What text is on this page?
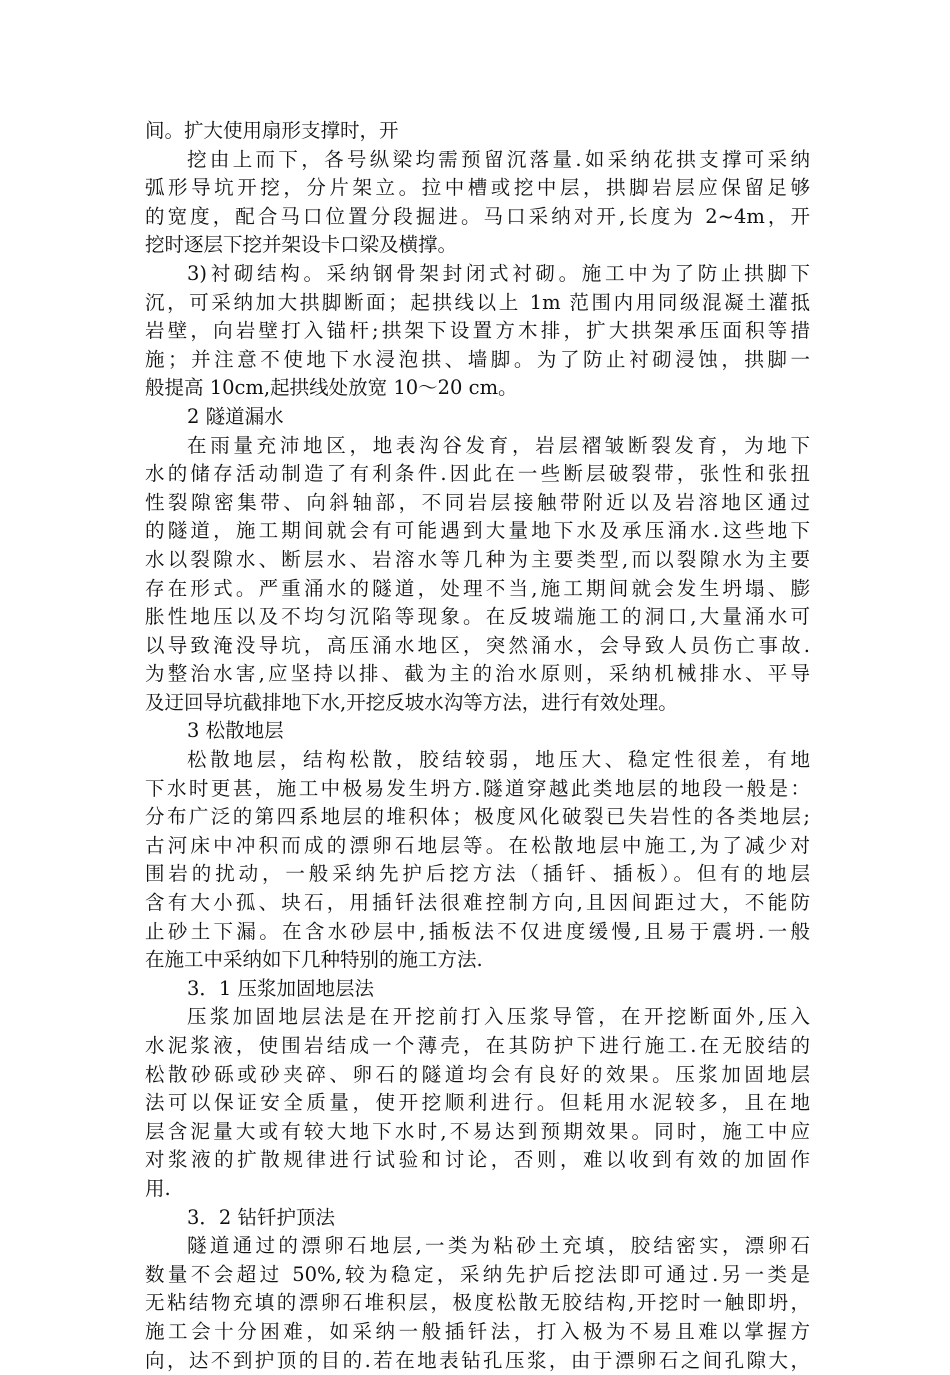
间。扩大使用扇形支撑时，开
挖由上而下，各号纵梁均需预留沉落量.如采纳花拱支撑可采纳
弧形导坑开挖，分片架立。拉中槽或挖中层，拱脚岩层应保留足够
的宽度，配合马口位置分段掘进。马口采纳对开,长度为 2~4m，开
挖时逐层下挖并架设卡口梁及横撑。
3)衬砌结构。采纳钢骨架封闭式衬砌。施工中为了防止拱脚下
沉，可采纳加大拱脚断面；起拱线以上 1m 范围内用同级混凝土灌抵
岩壁，向岩壁打入锚杆;拱架下设置方木排，扩大拱架承压面积等措
施；并注意不使地下水浸泡拱、墙脚。为了防止衬砌浸蚀，拱脚一
般提高 10cm,起拱线处放宽 10～20 cm。
2 隧道漏水
在雨量充沛地区，地表沟谷发育，岩层褶皱断裂发育，为地下
水的储存活动制造了有利条件.因此在一些断层破裂带，张性和张扭
性裂隙密集带、向斜轴部，不同岩层接触带附近以及岩溶地区通过
的隧道，施工期间就会有可能遇到大量地下水及承压涌水.这些地下
水以裂隙水、断层水、岩溶水等几种为主要类型,而以裂隙水为主要
存在形式。严重涌水的隧道，处理不当,施工期间就会发生坍塌、膨
胀性地压以及不均匀沉陷等现象。在反坡端施工的洞口,大量涌水可
以导致淹没导坑，高压涌水地区，突然涌水，会导致人员伤亡事故.
为整治水害,应坚持以排、截为主的治水原则，采纳机械排水、平导
及迂回导坑截排地下水,开挖反坡水沟等方法，进行有效处理。
3 松散地层
松散地层，结构松散，胶结较弱，地压大、稳定性很差，有地
下水时更甚，施工中极易发生坍方.隧道穿越此类地层的地段一般是：
分布广泛的第四系地层的堆积体；极度风化破裂已失岩性的各类地层;
古河床中冲积而成的漂卵石地层等。在松散地层中施工,为了减少对
围岩的扰动，一般采纳先护后挖方法（插钎、插板）。但有的地层
含有大小孤、块石，用插钎法很难控制方向,且因间距过大，不能防
止砂土下漏。在含水砂层中,插板法不仅进度缓慢,且易于震坍.一般
在施工中采纳如下几种特别的施工方法.
3．1 压浆加固地层法
压浆加固地层法是在开挖前打入压浆导管，在开挖断面外,压入
水泥浆液，使围岩结成一个薄壳，在其防护下进行施工.在无胶结的
松散砂砾或砂夹碎、卵石的隧道均会有良好的效果。压浆加固地层
法可以保证安全质量，使开挖顺利进行。但耗用水泥较多，且在地
层含泥量大或有较大地下水时,不易达到预期效果。同时，施工中应
对浆液的扩散规律进行试验和讨论，否则，难以收到有效的加固作
用.
3．2 钻钎护顶法
隧道通过的漂卵石地层,一类为粘砂土充填，胶结密实，漂卵石
数量不会超过 50%,较为稳定，采纳先护后挖法即可通过.另一类是
无粘结物充填的漂卵石堆积层，极度松散无胶结构,开挖时一触即坍，
施工会十分困难，如采纳一般插钎法，打入极为不易且难以掌握方
向，达不到护顶的目的.若在地表钻孔压浆，由于漂卵石之间孔隙大，
